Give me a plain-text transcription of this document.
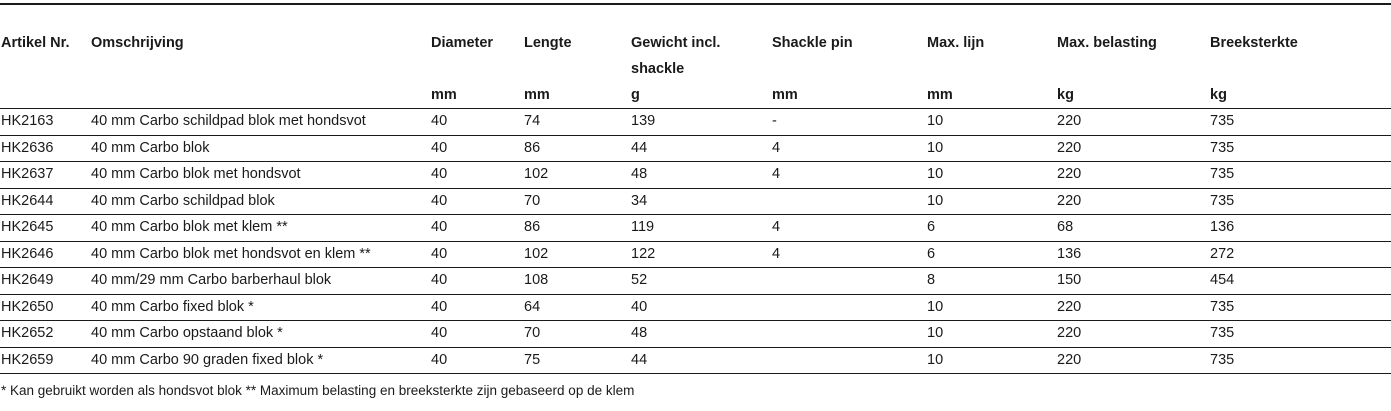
Artikel Nr.	Omschrijving	Diameter	Lengte	Gewicht incl. shackle	Shackle pin	Max. lijn	Max. belasting	Breeksterkte
		mm	mm	g	mm	mm	kg	kg
HK2163	40 mm Carbo schildpad blok met hondsvot	40	74	139	-	10	220	735
HK2636	40 mm Carbo blok	40	86	44	4	10	220	735
HK2637	40 mm Carbo blok met hondsvot	40	102	48	4	10	220	735
HK2644	40 mm Carbo schildpad blok	40	70	34		10	220	735
HK2645	40 mm Carbo blok met klem **	40	86	119	4	6	68	136
HK2646	40 mm Carbo blok met hondsvot en klem **	40	102	122	4	6	136	272
HK2649	40 mm/29 mm Carbo barberhaul blok	40	108	52		8	150	454
HK2650	40 mm Carbo fixed blok *	40	64	40		10	220	735
HK2652	40 mm Carbo opstaand blok *	40	70	48		10	220	735
HK2659	40 mm Carbo 90 graden fixed blok *	40	75	44		10	220	735
* Kan gebruikt worden als hondsvot blok ** Maximum belasting en breeksterkte zijn gebaseerd op de klem
